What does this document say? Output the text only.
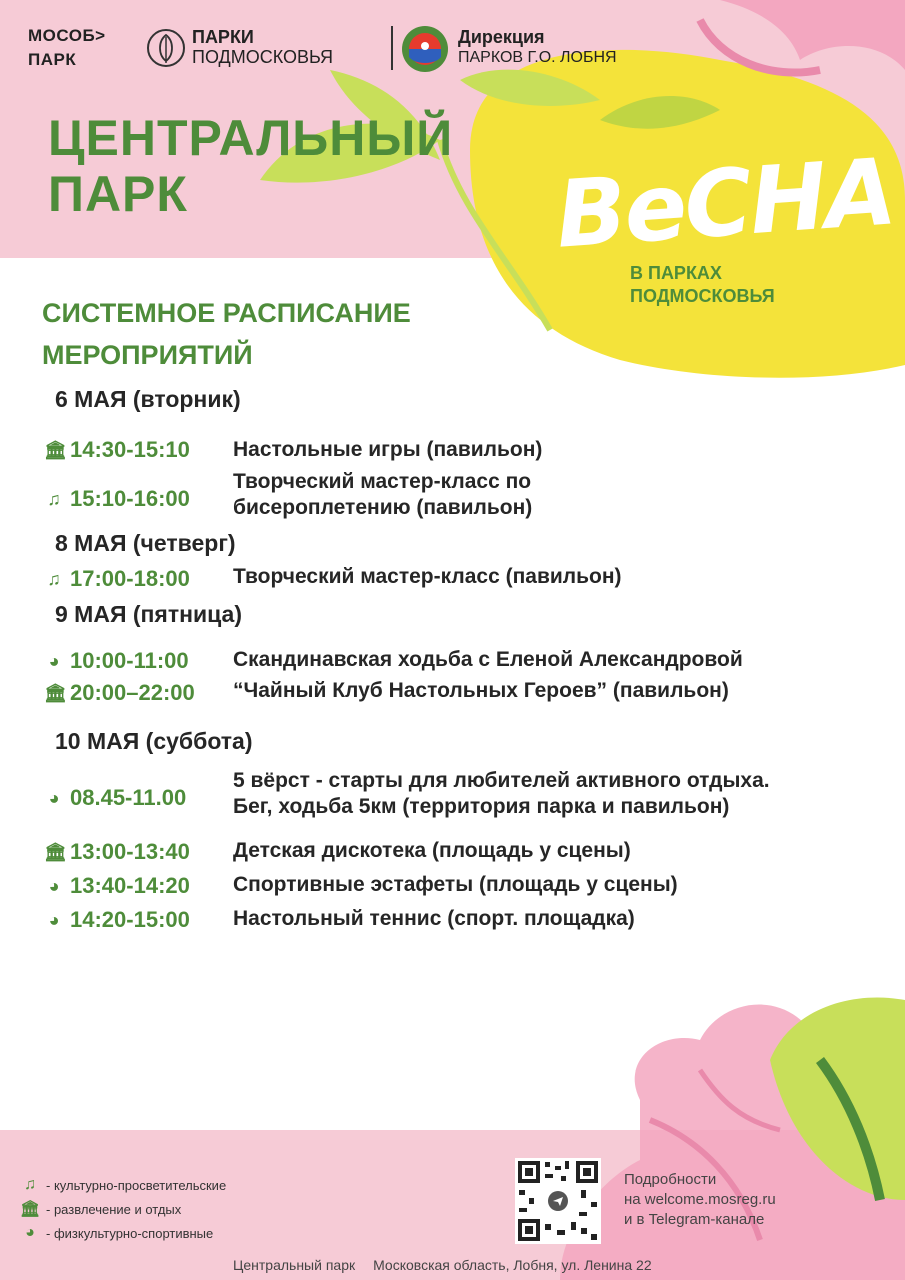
МОСОБ>
ПАРК
ПАРКИ
ПОДМОСКОВЬЯ
Дирекция
ПАРКОВ Г.О. ЛОБНЯ
ЦЕНТРАЛЬНЫЙ
ПАРК	ВеСНА
В ПАРКАХ
ПОДМОСКОВЬЯ
СИСТЕМНОЕ РАСПИСАНИЕ
МЕРОПРИЯТИЙ
6 МАЯ (вторник)
8 МАЯ (четверг)
9 МАЯ (пятница)
10 МАЯ (суббота)
🏛 14:30-15:10 Настольные игры (павильон)
♫ 15:10-16:00
Творческий мастер-класс по
бисероплетению (павильон)
♫ 17:00-18:00 Творческий мастер-класс (павильон)
◕ 10:00-11:00 Скандинавская ходьба с Еленой Александровой
🏛 20:00–22:00 “Чайный Клуб Настольных Героев” (павильон)
◕ 08.45-11.00
5 вёрст - старты для любителей активного отдыха.
Бег, ходьба 5км (территория парка и павильон)
🏛 13:00-13:40 Детская дискотека (площадь у сцены)
◕ 13:40-14:20 Спортивные эстафеты (площадь у сцены)
◕ 14:20-15:00 Настольный теннис (спорт. площадка)
♫ - культурно-просветительские
🏛 - развлечение и отдых
◕ - физкультурно-спортивные
Подробности
на welcome.mosreg.ru
и в Telegram-канале
Центральный парк Московская область, Лобня, ул. Ленина 22
